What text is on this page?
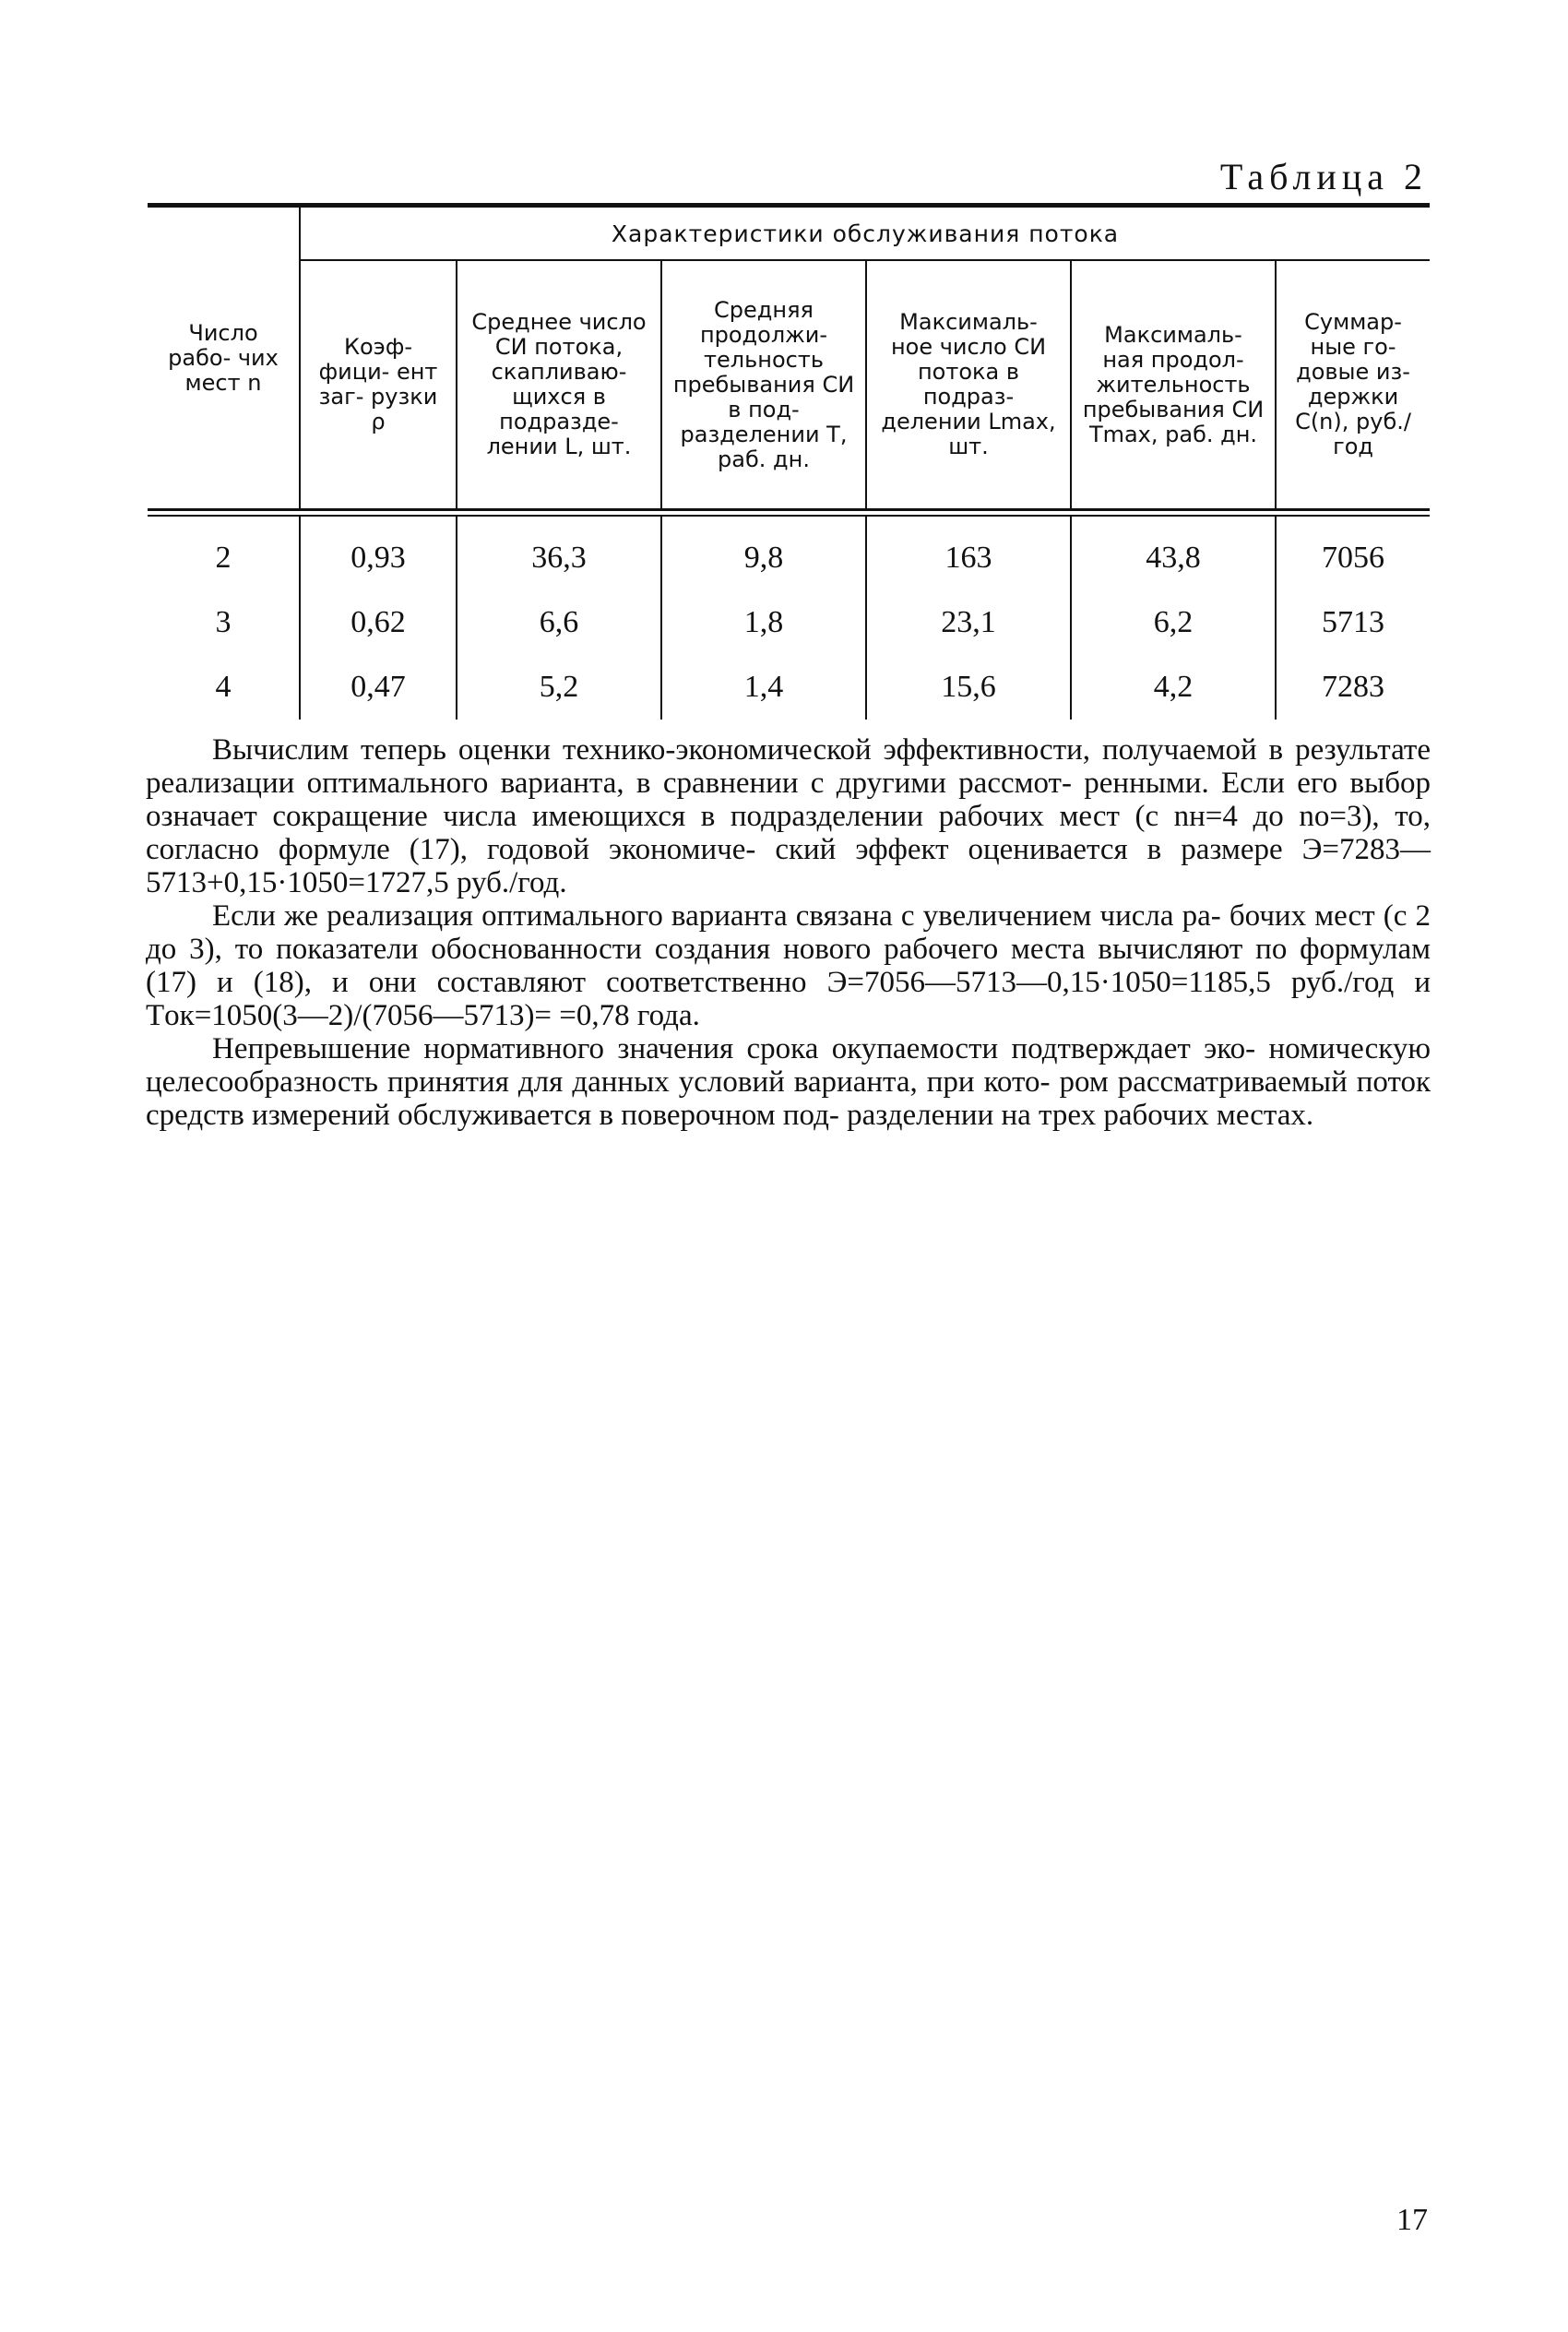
Таблица 2
Число рабо- чих мест n	Характеристики обслуживания потока					
	Коэф- фици- ент заг- рузки ρ	Среднее число СИ потока, скапливаю- щихся в подразде- лении L, шт.	Средняя продолжи- тельность пребывания СИ в под- разделении T, раб. дн.	Максималь- ное число СИ потока в подраз- делении Lmax, шт.	Максималь- ная продол- жительность пребывания СИ Tmax, раб. дн.	Суммар- ные го- довые из- держки C(n), руб./год
2	0,93	36,3	9,8	163	43,8	7056
3	0,62	6,6	1,8	23,1	6,2	5713
4	0,47	5,2	1,4	15,6	4,2	7283

Вычислим теперь оценки технико-экономической эффективности, получаемой в результате реализации оптимального варианта, в сравнении с другими рассмот- ренными. Если его выбор означает сокращение числа имеющихся в подразделении рабочих мест (с nн=4 до nо=3), то, согласно формуле (17), годовой экономиче- ский эффект оценивается в размере Э=7283—5713+0,15·1050=1727,5 руб./год.

Если же реализация оптимального варианта связана с увеличением числа ра- бочих мест (с 2 до 3), то показатели обоснованности создания нового рабочего места вычисляют по формулам (17) и (18), и они составляют соответственно Э=7056—5713—0,15·1050=1185,5 руб./год и Tок=1050(3—2)/(7056—5713)= =0,78 года.

Непревышение нормативного значения срока окупаемости подтверждает эко- номическую целесообразность принятия для данных условий варианта, при кото- ром рассматриваемый поток средств измерений обслуживается в поверочном под- разделении на трех рабочих местах.

17
